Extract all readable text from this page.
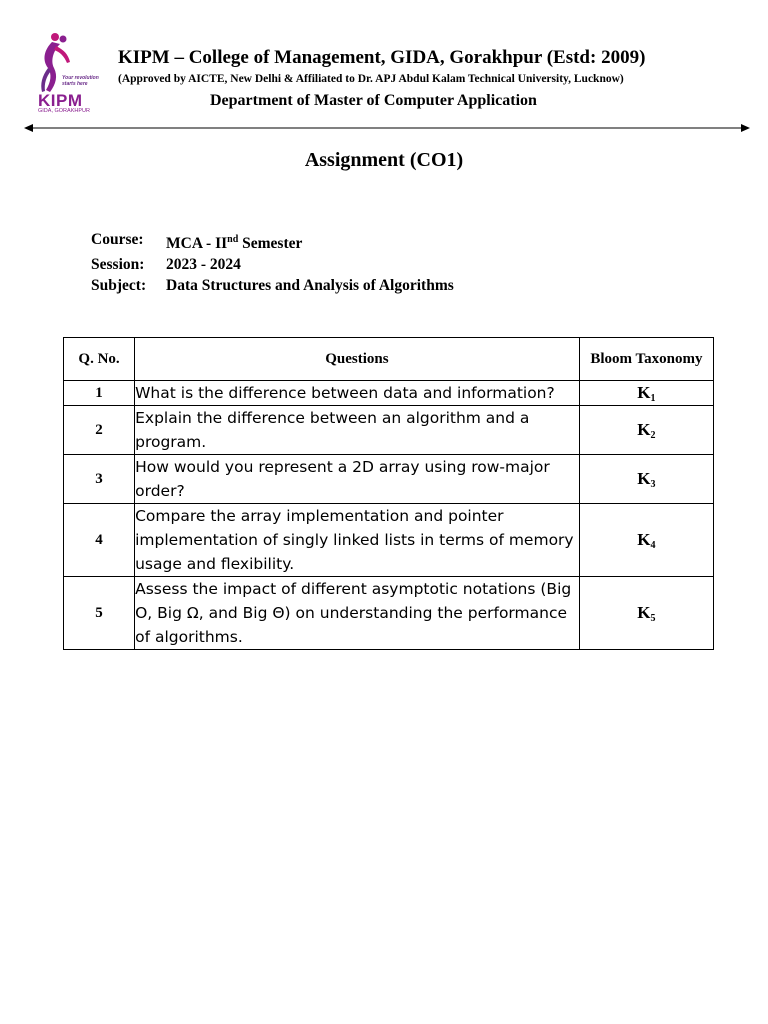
Your revolution starts here
KIPM
GIDA, GORAKHPUR
KIPM – College of Management, GIDA, Gorakhpur (Estd: 2009)
(Approved by AICTE, New Delhi & Affiliated to Dr. APJ Abdul Kalam Technical University, Lucknow)
Department of Master of Computer Application
Assignment (CO1)
Course:	MCA - IInd Semester
Session:	2023 - 2024
Subject:	Data Structures and Analysis of Algorithms
Q. No.	Questions	Bloom Taxonomy
1	What is the difference between data and information?	$K_1$
2	Explain the difference between an algorithm and a program.	$K_2$
3	How would you represent a 2D array using row-major order?	$K_3$
4	Compare the array implementation and pointer implementation of singly linked lists in terms of memory usage and flexibility.	$K_4$
5	Assess the impact of different asymptotic notations (Big O, Big Ω, and Big Θ) on understanding the performance of algorithms.	$K_5$
